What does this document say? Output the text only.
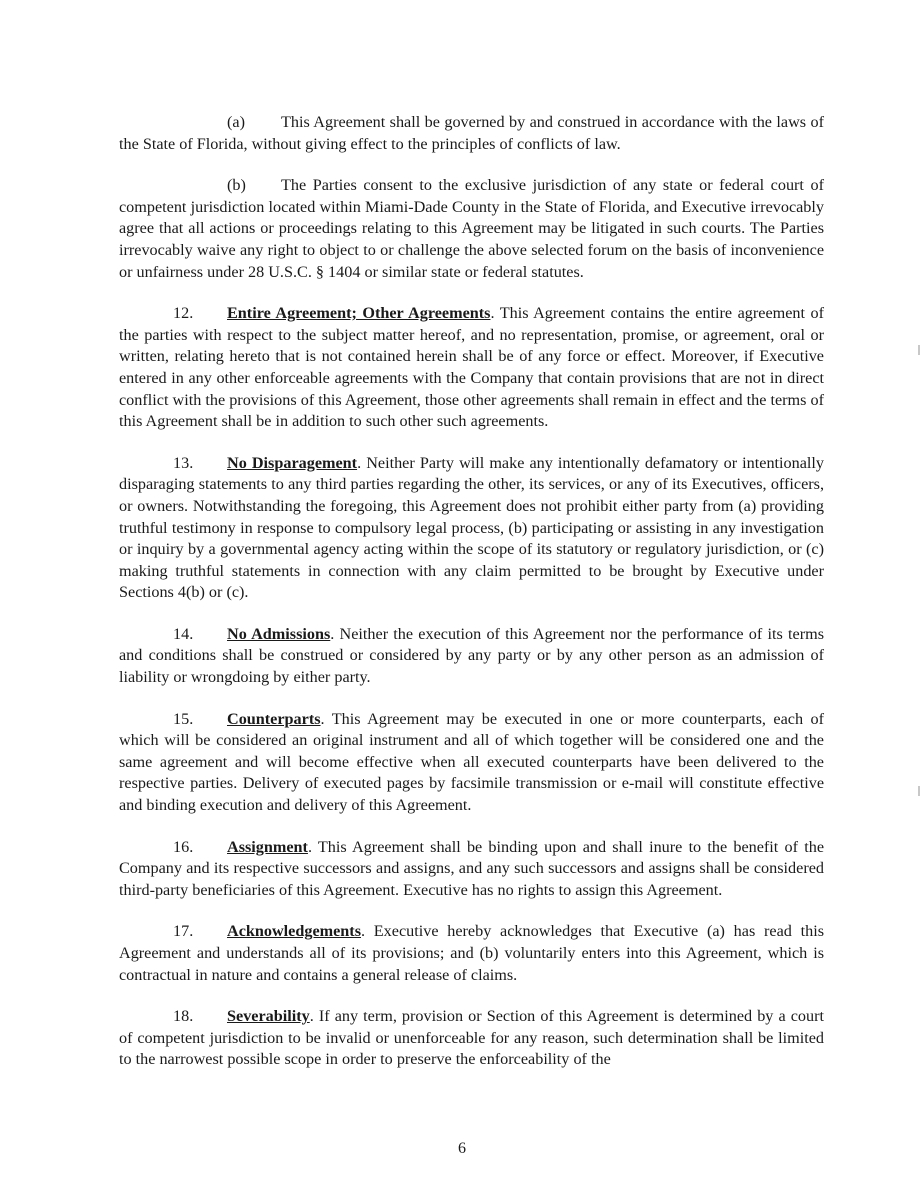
(a) This Agreement shall be governed by and construed in accordance with the laws of the State of Florida, without giving effect to the principles of conflicts of law.

(b) The Parties consent to the exclusive jurisdiction of any state or federal court of competent jurisdiction located within Miami-Dade County in the State of Florida, and Executive irrevocably agree that all actions or proceedings relating to this Agreement may be litigated in such courts. The Parties irrevocably waive any right to object to or challenge the above selected forum on the basis of inconvenience or unfairness under 28 U.S.C. § 1404 or similar state or federal statutes.

12. Entire Agreement; Other Agreements. This Agreement contains the entire agreement of the parties with respect to the subject matter hereof, and no representation, promise, or agreement, oral or written, relating hereto that is not contained herein shall be of any force or effect. Moreover, if Executive entered in any other enforceable agreements with the Company that contain provisions that are not in direct conflict with the provisions of this Agreement, those other agreements shall remain in effect and the terms of this Agreement shall be in addition to such other such agreements.

13. No Disparagement. Neither Party will make any intentionally defamatory or intentionally disparaging statements to any third parties regarding the other, its services, or any of its Executives, officers, or owners. Notwithstanding the foregoing, this Agreement does not prohibit either party from (a) providing truthful testimony in response to compulsory legal process, (b) participating or assisting in any investigation or inquiry by a governmental agency acting within the scope of its statutory or regulatory jurisdiction, or (c) making truthful statements in connection with any claim permitted to be brought by Executive under Sections 4(b) or (c).

14. No Admissions. Neither the execution of this Agreement nor the performance of its terms and conditions shall be construed or considered by any party or by any other person as an admission of liability or wrongdoing by either party.

15. Counterparts. This Agreement may be executed in one or more counterparts, each of which will be considered an original instrument and all of which together will be considered one and the same agreement and will become effective when all executed counterparts have been delivered to the respective parties. Delivery of executed pages by facsimile transmission or e-mail will constitute effective and binding execution and delivery of this Agreement.

16. Assignment. This Agreement shall be binding upon and shall inure to the benefit of the Company and its respective successors and assigns, and any such successors and assigns shall be considered third-party beneficiaries of this Agreement. Executive has no rights to assign this Agreement.

17. Acknowledgements. Executive hereby acknowledges that Executive (a) has read this Agreement and understands all of its provisions; and (b) voluntarily enters into this Agreement, which is contractual in nature and contains a general release of claims.

18. Severability. If any term, provision or Section of this Agreement is determined by a court of competent jurisdiction to be invalid or unenforceable for any reason, such determination shall be limited to the narrowest possible scope in order to preserve the enforceability of the

6
